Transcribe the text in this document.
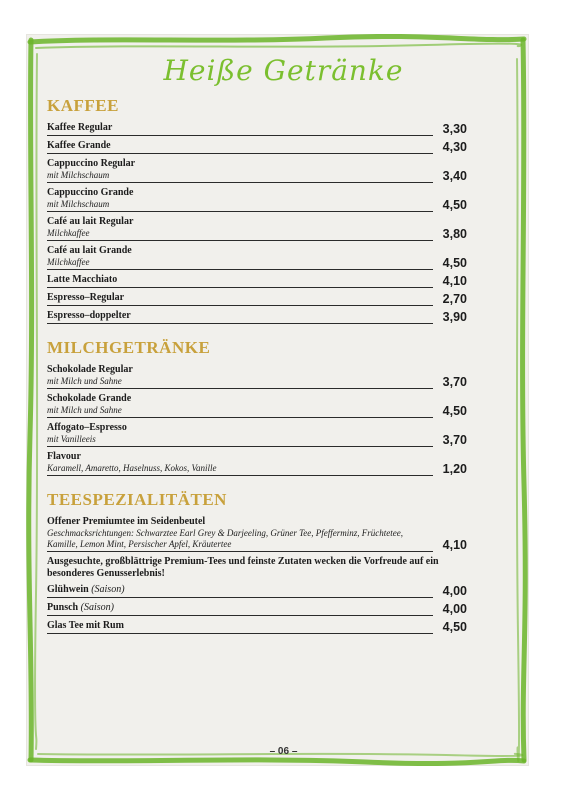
Heiße Getränke
KAFFEE
Kaffee Regular	3,30
Kaffee Grande	4,30
Cappuccino Regular
mit Milchschaum	3,40
Cappuccino Grande
mit Milchschaum	4,50
Café au lait Regular
Milchkaffee	3,80
Café au lait Grande
Milchkaffee	4,50
Latte Macchiato	4,10
Espresso–Regular	2,70
Espresso–doppelter	3,90
MILCHGETRÄNKE
Schokolade Regular
mit Milch und Sahne	3,70
Schokolade Grande
mit Milch und Sahne	4,50
Affogato–Espresso
mit Vanilleeis	3,70
Flavour
Karamell, Amaretto, Haselnuss, Kokos, Vanille	1,20
TEESPEZIALITÄTEN
Offener Premiumtee im Seidenbeutel
Geschmacksrichtungen: Schwarztee Earl Grey & Darjeeling, Grüner Tee, Pfefferminz, Früchtetee, Kamille, Lemon Mint, Persischer Apfel, Kräutertee	4,10
Ausgesuchte, großblättrige Premium-Tees und feinste Zutaten wecken die Vorfreude auf ein besonderes Genusserlebnis!
Glühwein (Saison)	4,00
Punsch (Saison)	4,00
Glas Tee mit Rum	4,50
– 06 –
